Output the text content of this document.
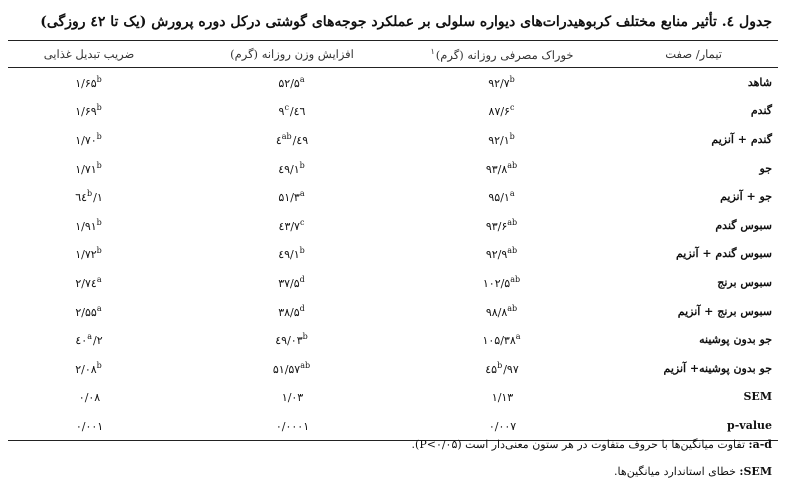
جدول ٤. تأثیر منابع مختلف کربوهیدرات‌های دیواره سلولی بر عملکرد جوجه‌های گوشتی درکل دوره پرورش (یک تا ٤٢ روزگی)
تیمار/ صفت	خوراک مصرفی روزانه (گرم)$^۱$	افزایش وزن روزانه (گرم)	ضریب تبدیل غذایی
شاهد	۹۲/۷$^b$	۵۲/۵$^a$	۱/۶۵$^b$
گندم	۸۷/۶$^c$	٤٦/۹$^c$	۱/۶۹$^b$
گندم + آنزیم	۹۲/۱$^b$	$٤۹/٤^{ab}$	۱/۷۰$^b$
جو	$۹۳/۸^{ab}$	٤۹/۱$^b$	۱/۷۱$^b$
جو + آنزیم	۹۵/۱$^a$	۵۱/۳$^a$	۱/٦٤$^b$
سبوس گندم	$۹۳/۶^{ab}$	٤۳/۷$^c$	۱/۹۱$^b$
سبوس گندم + آنزیم	$۹۲/۹^{ab}$	٤۹/۱$^b$	۱/۷۲$^b$
سبوس برنج	$۱۰۲/۵^{ab}$	۳۷/۵$^d$	۲/۷٤$^a$
سبوس برنج + آنزیم	$۹۸/۸^{ab}$	۳۸/۵$^d$	۲/۵۵$^a$
جو بدون پوشینه	۱۰۵/۳۸$^a$	٤۹/۰۳$^b$	۲/٤۰$^a$
جو بدون پوشینه+ آنزیم	۹۷/٤۵$^b$	$۵۱/۵۷^{ab}$	۲/۰۸$^b$
SEM	۱/۱۳	۱/۰۳	۰/۰۸
p-value	۰/۰۰۷	۰/۰۰۰۱	۰/۰۰۱
a-d: تفاوت میانگین‌ها با حروف متفاوت در هر ستون معنی‌دار است (P<۰/۰۵).
SEM: خطای استاندارد میانگین‌ها.
